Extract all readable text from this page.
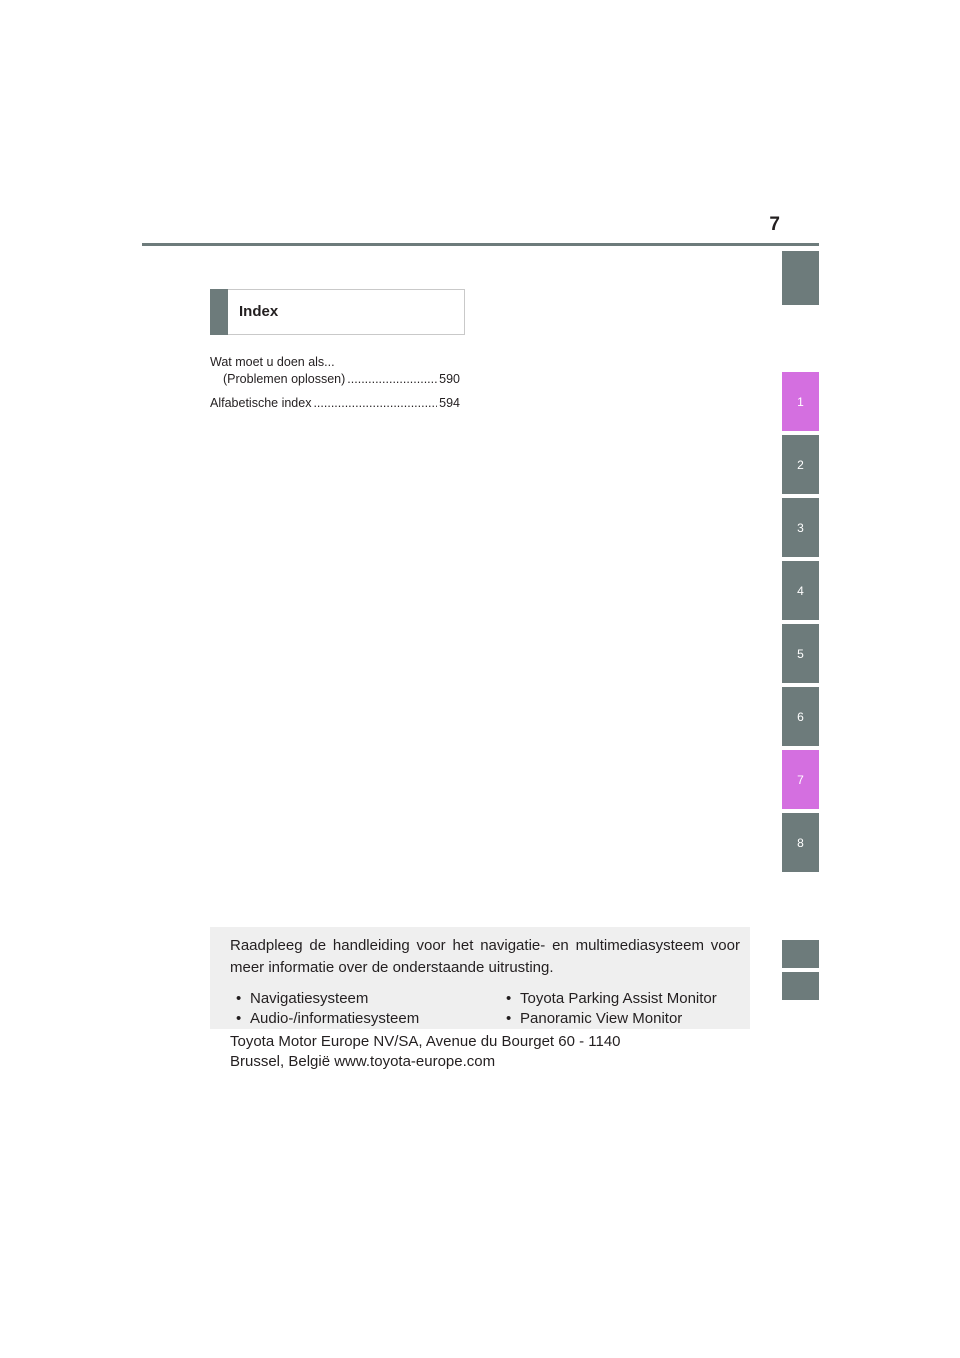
7
1
2
3
4
5
6
7
8
Index
Wat moet u doen als...
(Problemen oplossen) .....	590
Alfabetische index .....	594
Raadpleeg de handleiding voor het navigatie- en multimediasysteem voor meer informatie over de onderstaande uitrusting.
• Navigatiesysteem	• Toyota Parking Assist Monitor
• Audio-/informatiesysteem	• Panoramic View Monitor
Toyota Motor Europe NV/SA, Avenue du Bourget 60 - 1140
Brussel, België www.toyota-europe.com
